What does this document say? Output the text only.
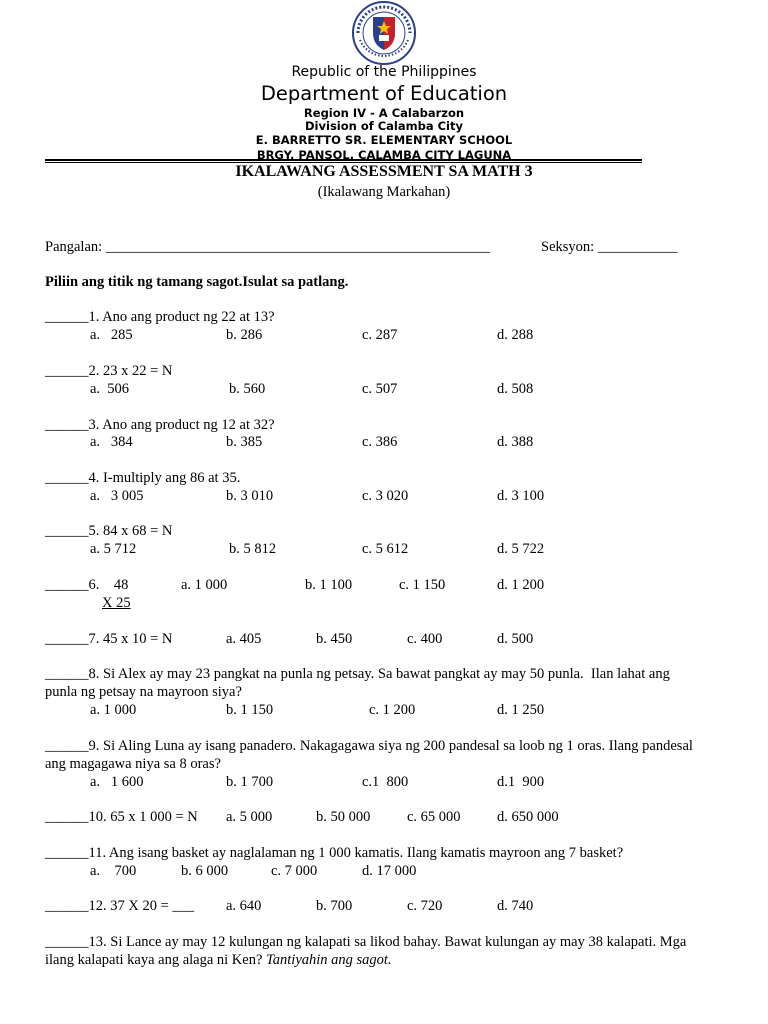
Republic of the Philippines
Department of Education
Region IV - A Calabarzon
Division of Calamba City
E. BARRETTO SR. ELEMENTARY SCHOOL
BRGY. PANSOL, CALAMBA CITY LAGUNA
IKALAWANG ASSESSMENT SA MATH 3
(Ikalawang Markahan)
Pangalan: _____________________________________________________	Seksyon: ___________
Piliin ang titik ng tamang sagot.Isulat sa patlang.
______1. Ano ang product ng 22 at 13?
a.   285	b. 286	c. 287	d. 288
______2. 23 x 22 = N
a.  506	b. 560	c. 507	d. 508
______3. Ano ang product ng 12 at 32?
a.   384	b. 385	c. 386	d. 388
______4. I-multiply ang 86 at 35.
a.   3 005	b. 3 010	c. 3 020	d. 3 100
______5. 84 x 68 = N
a. 5 712	b. 5 812	c. 5 612	d. 5 722
______6.    48
X 25
a. 1 000	b. 1 100	c. 1 150	d. 1 200
______7. 45 x 10 = N	a. 405	b. 450	c. 400	d. 500
______8. Si Alex ay may 23 pangkat na punla ng petsay. Sa bawat pangkat ay may 50 punla.  Ilan lahat ang
punla ng petsay na mayroon siya?
a. 1 000	b. 1 150	c. 1 200	d. 1 250
______9. Si Aling Luna ay isang panadero. Nakagagawa siya ng 200 pandesal sa loob ng 1 oras. Ilang pandesal
ang magagawa niya sa 8 oras?
a.   1 600	b. 1 700	c.1  800	d.1  900
______10. 65 x 1 000 = N a. 5 000	b. 50 000	c. 65 000	d. 650 000
______11. Ang isang basket ay naglalaman ng 1 000 kamatis. Ilang kamatis mayroon ang 7 basket?
a.    700	b. 6 000	c. 7 000	d. 17 000
______12. 37 X 20 = ___ a. 640	b. 700	c. 720	d. 740
______13. Si Lance ay may 12 kulungan ng kalapati sa likod bahay. Bawat kulungan ay may 38 kalapati. Mga
ilang kalapati kaya ang alaga ni Ken? Tantiyahin ang sagot.
